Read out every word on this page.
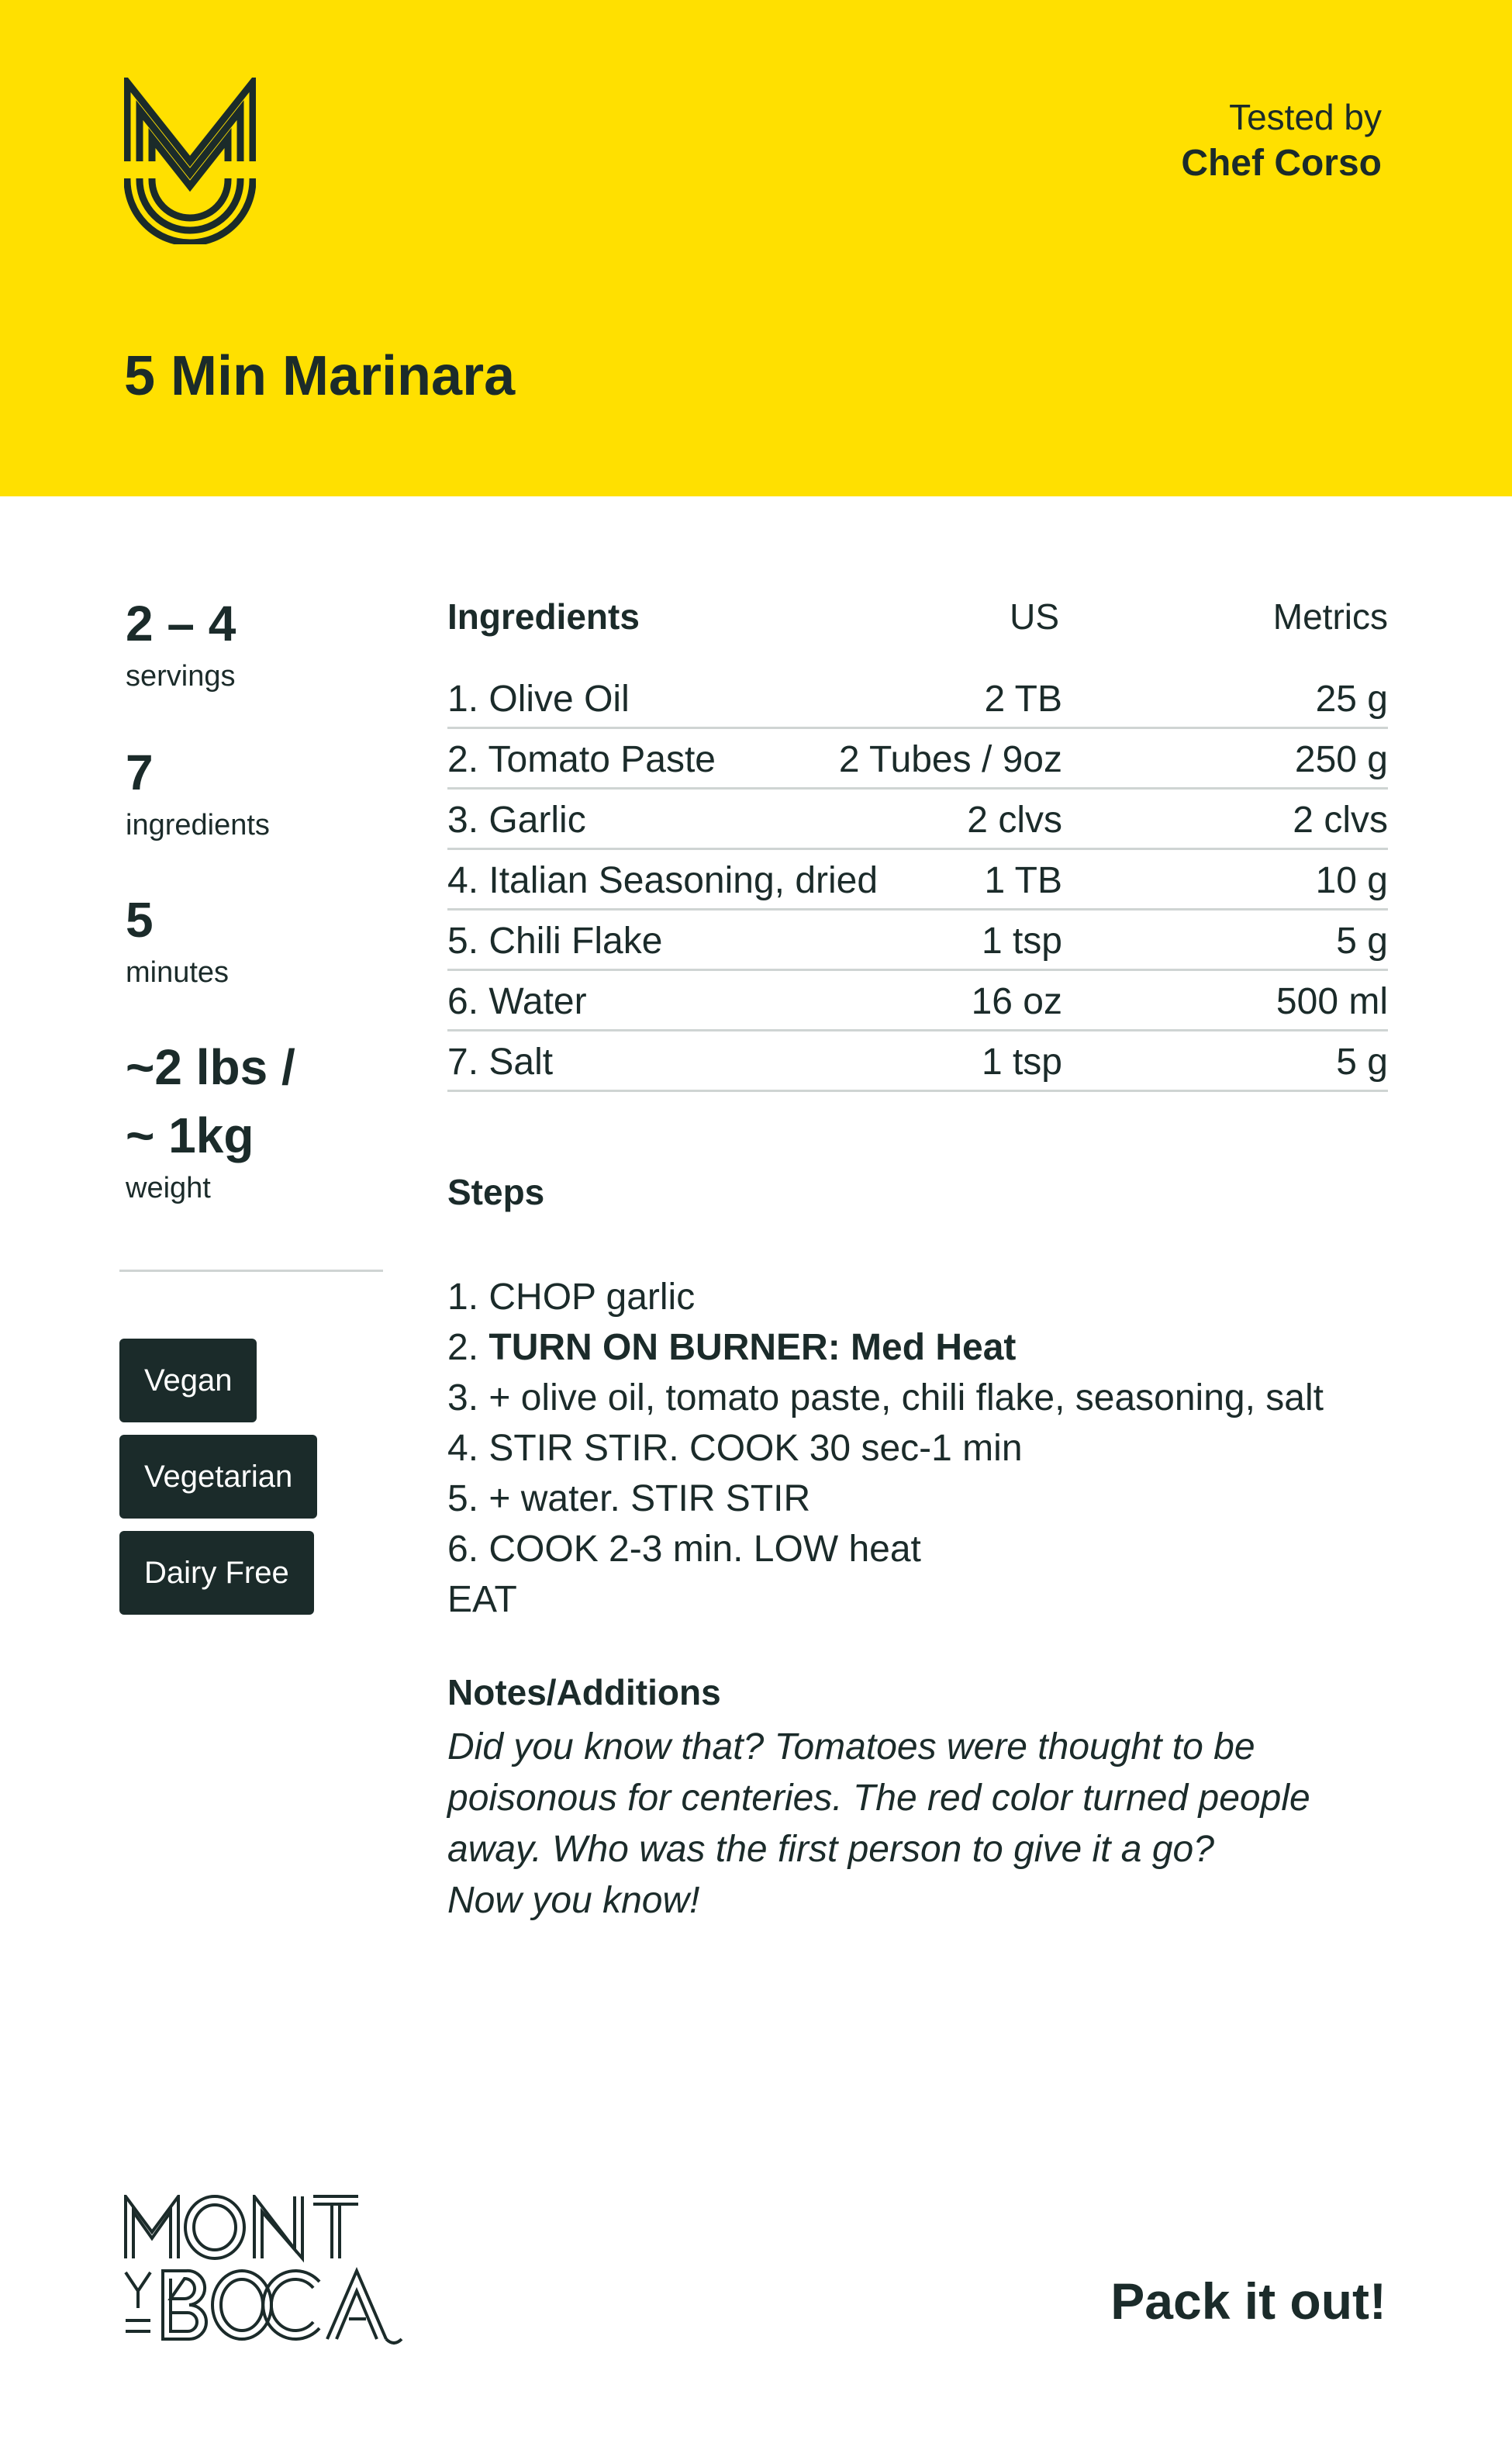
Tested by
Chef Corso
5 Min Marinara
2 – 4
servings
7
ingredients
5
minutes
~2 lbs /
~ 1kg
weight
Vegan
Vegetarian
Dairy Free
Ingredients	US	Metrics
1. Olive Oil	2 TB	25 g
2. Tomato Paste	2 Tubes / 9oz	250 g
3. Garlic	2 clvs	2 clvs
4. Italian Seasoning, dried	1 TB	10 g
5. Chili Flake	1 tsp	5 g
6. Water	16 oz	500 ml
7. Salt	1 tsp	5 g
Steps
1. CHOP garlic
2. TURN ON BURNER: Med Heat
3. + olive oil, tomato paste, chili flake, seasoning, salt
4. STIR STIR. COOK 30 sec-1 min
5. + water. STIR STIR
6. COOK 2-3 min. LOW heat
EAT
Notes/Additions
Did you know that? Tomatoes were thought to be
poisonous for centeries. The red color turned people
away. Who was the first person to give it a go?
Now you know!
Pack it out!
